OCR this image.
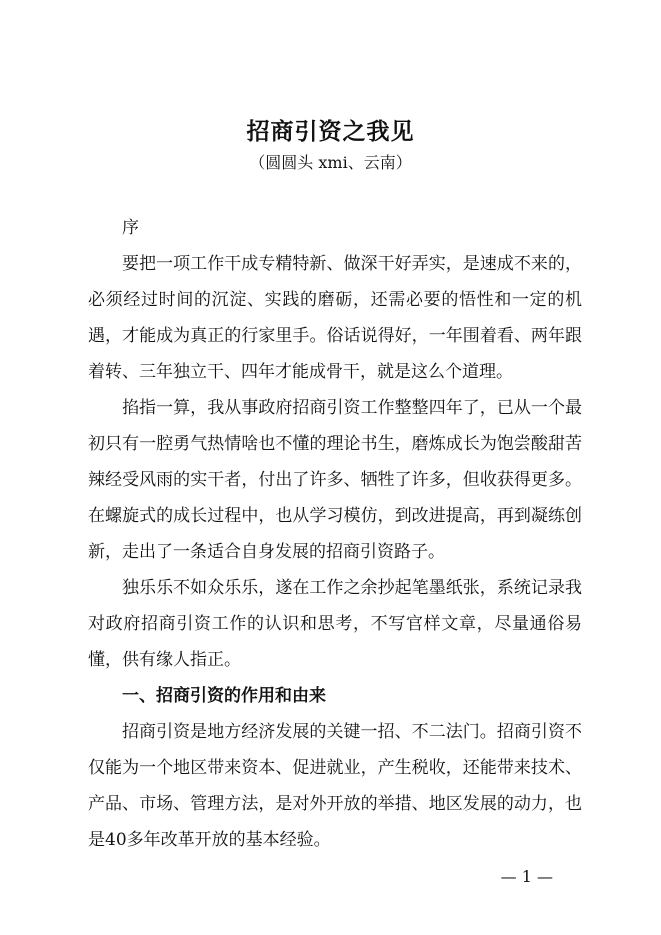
招商引资之我见
（圆圆头 xmi、云南）

序

要把一项工作干成专精特新、做深干好弄实，是速成不来的，必须经过时间的沉淀、实践的磨砺，还需必要的悟性和一定的机遇，才能成为真正的行家里手。俗话说得好，一年围着看、两年跟着转、三年独立干、四年才能成骨干，就是这么个道理。

掐指一算，我从事政府招商引资工作整整四年了，已从一个最初只有一腔勇气热情啥也不懂的理论书生，磨炼成长为饱尝酸甜苦辣经受风雨的实干者，付出了许多、牺牲了许多，但收获得更多。在螺旋式的成长过程中，也从学习模仿，到改进提高，再到凝练创新，走出了一条适合自身发展的招商引资路子。

独乐乐不如众乐乐，遂在工作之余抄起笔墨纸张，系统记录我对政府招商引资工作的认识和思考，不写官样文章，尽量通俗易懂，供有缘人指正。

一、招商引资的作用和由来

招商引资是地方经济发展的关键一招、不二法门。招商引资不仅能为一个地区带来资本、促进就业，产生税收，还能带来技术、产品、市场、管理方法，是对外开放的举措、地区发展的动力，也是40多年改革开放的基本经验。

— 1 —
